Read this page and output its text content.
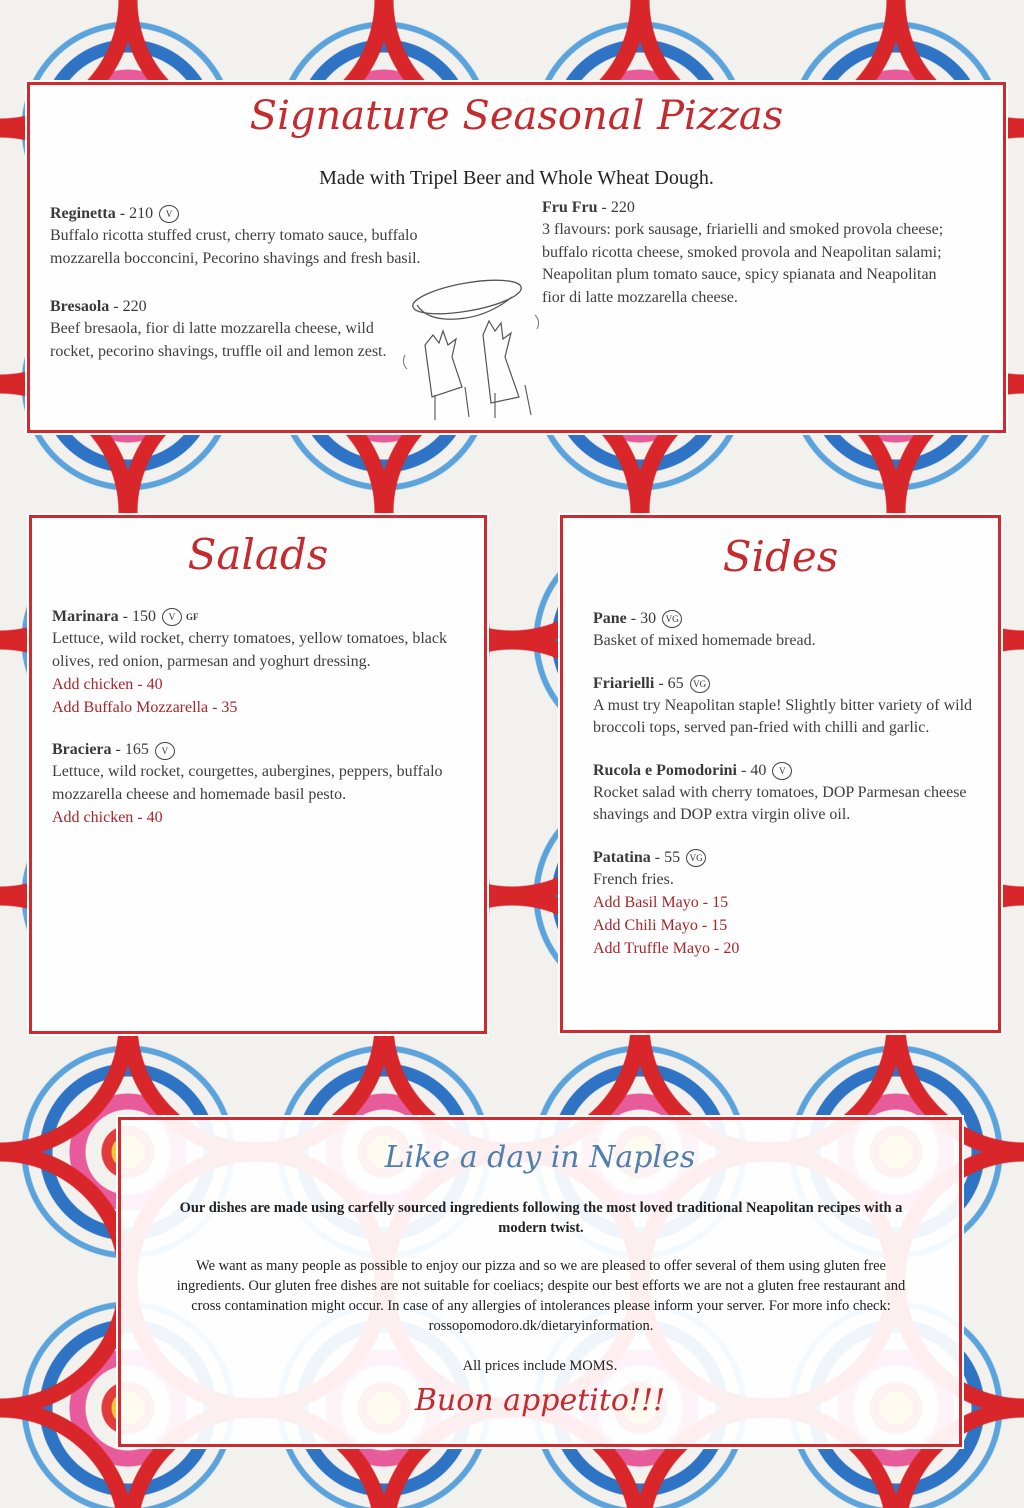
Signature Seasonal Pizzas
Made with Tripel Beer and Whole Wheat Dough.
Reginetta - 210 V

Buffalo ricotta stuffed crust, cherry tomato sauce, buffalo mozzarella bocconcini, Pecorino shavings and fresh basil.

Bresaola - 220

Beef bresaola, fior di latte mozzarella cheese, wild rocket, pecorino shavings, truffle oil and lemon zest.

Fru Fru - 220

3 flavours: pork sausage, friarielli and smoked provola cheese; buffalo ricotta cheese, smoked provola and Neapolitan salami; Neapolitan plum tomato sauce, spicy spianata and Neapolitan fior di latte mozzarella cheese.

Salads
Marinara - 150 V GF

Lettuce, wild rocket, cherry tomatoes, yellow tomatoes, black olives, red onion, parmesan and yoghurt dressing.

Add chicken - 40
Add Buffalo Mozzarella - 35
Braciera - 165 V

Lettuce, wild rocket, courgettes, aubergines, peppers, buffalo mozzarella cheese and homemade basil pesto.

Add chicken - 40
Sides
Pane - 30 VG

Basket of mixed homemade bread.

Friarielli - 65 VG

A must try Neapolitan staple! Slightly bitter variety of wild broccoli tops, served pan-fried with chilli and garlic.

Rucola e Pomodorini - 40 V

Rocket salad with cherry tomatoes, DOP Parmesan cheese shavings and DOP extra virgin olive oil.

Patatina - 55 VG

French fries.

Add Basil Mayo - 15
Add Chili Mayo - 15
Add Truffle Mayo - 20
Like a day in Naples
Our dishes are made using carfelly sourced ingredients following the most loved traditional Neapolitan recipes with a modern twist.
We want as many people as possible to enjoy our pizza and so we are pleased to offer several of them using gluten free ingredients. Our gluten free dishes are not suitable for coeliacs; despite our best efforts we are not a gluten free restaurant and cross contamination might occur. In case of any allergies of intolerances please inform your server. For more info check: rossopomodoro.dk/dietaryinformation.
All prices include MOMS.
Buon appetito!!!
